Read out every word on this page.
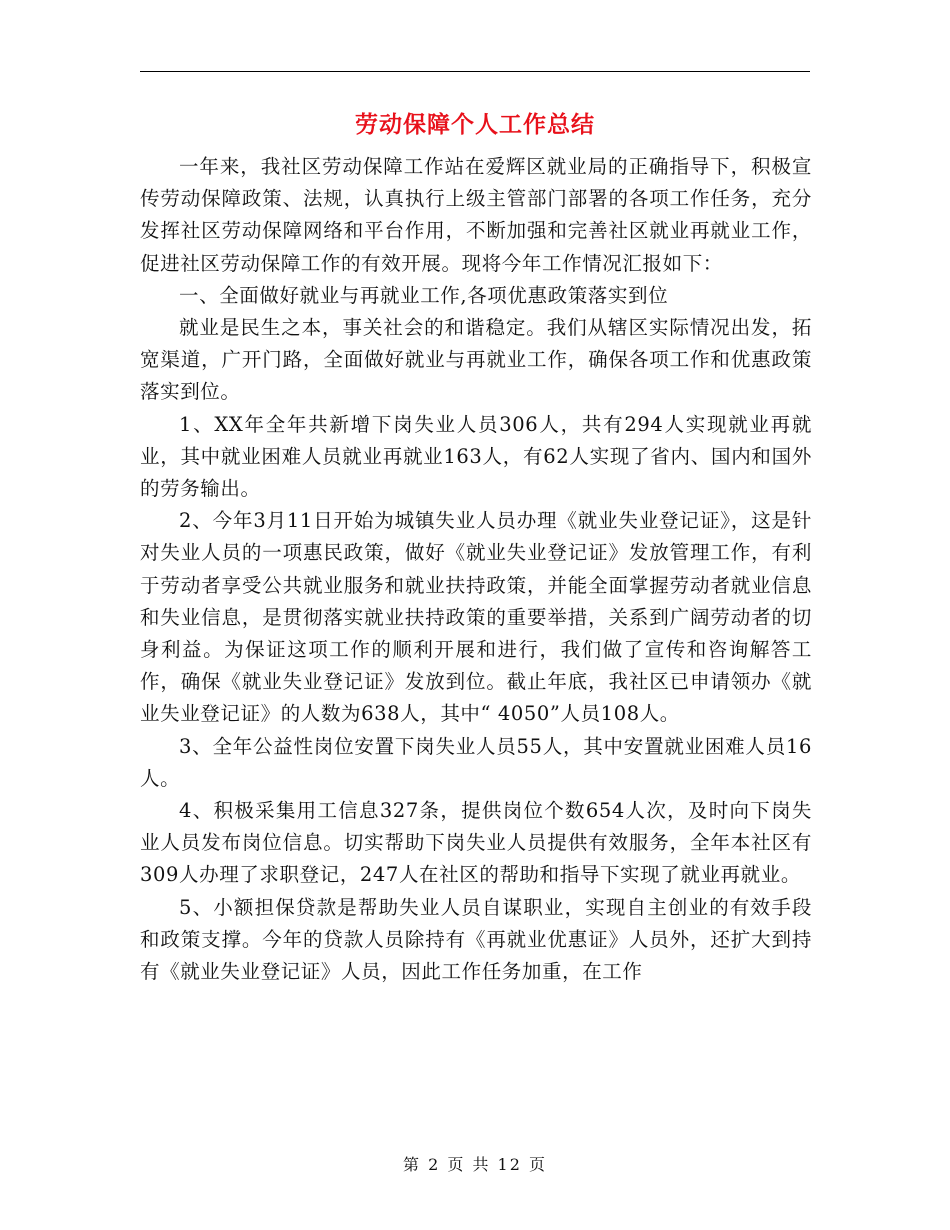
劳动保障个人工作总结

一年来，我社区劳动保障工作站在爱辉区就业局的正确指导下，积极宣传劳动保障政策、法规，认真执行上级主管部门部署的各项工作任务，充分发挥社区劳动保障网络和平台作用，不断加强和完善社区就业再就业工作，促进社区劳动保障工作的有效开展。现将今年工作情况汇报如下：

一、全面做好就业与再就业工作,各项优惠政策落实到位

就业是民生之本，事关社会的和谐稳定。我们从辖区实际情况出发，拓宽渠道，广开门路，全面做好就业与再就业工作，确保各项工作和优惠政策落实到位。

1、XX年全年共新增下岗失业人员306人，共有294人实现就业再就业，其中就业困难人员就业再就业163人，有62人实现了省内、国内和国外的劳务输出。

2、今年3月11日开始为城镇失业人员办理《就业失业登记证》，这是针对失业人员的一项惠民政策，做好《就业失业登记证》发放管理工作，有利于劳动者享受公共就业服务和就业扶持政策，并能全面掌握劳动者就业信息和失业信息，是贯彻落实就业扶持政策的重要举措，关系到广阔劳动者的切身利益。为保证这项工作的顺利开展和进行，我们做了宣传和咨询解答工作，确保《就业失业登记证》发放到位。截止年底，我社区已申请领办《就业失业登记证》的人数为638人，其中“ 4050”人员108人。

3、全年公益性岗位安置下岗失业人员55人，其中安置就业困难人员16人。

4、积极采集用工信息327条，提供岗位个数654人次，及时向下岗失业人员发布岗位信息。切实帮助下岗失业人员提供有效服务，全年本社区有309人办理了求职登记，247人在社区的帮助和指导下实现了就业再就业。

5、小额担保贷款是帮助失业人员自谋职业，实现自主创业的有效手段和政策支撑。今年的贷款人员除持有《再就业优惠证》人员外，还扩大到持有《就业失业登记证》人员，因此工作任务加重，在工作

第 2 页 共 12 页
